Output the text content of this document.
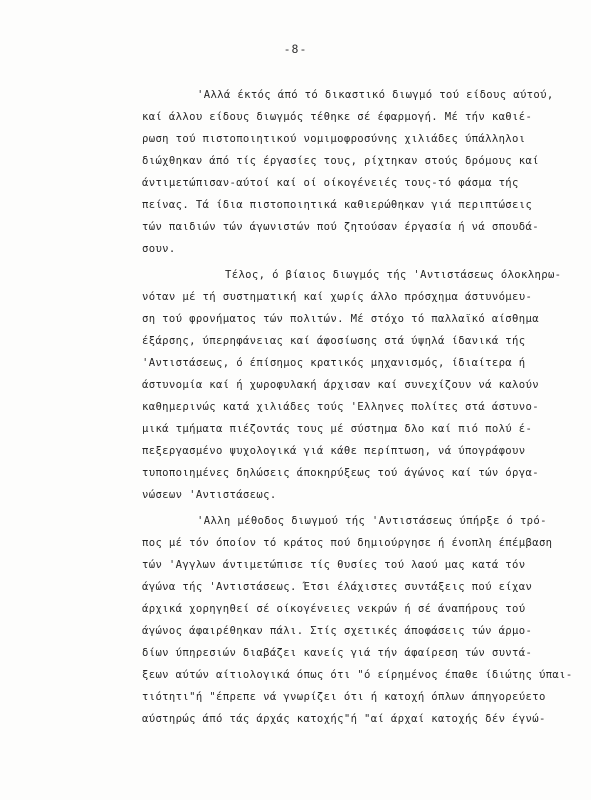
-8-
'Αλλά έκτός άπό τό δικαστικό διωγμό τού είδους αύτού,
καί άλλου είδους διωγμός τέθηκε σέ έφαρμογή. Μέ τήν καθιέ-
ρωση τού πιστοποιητικού νομιμοφροσύνης χιλιάδες ύπάλληλοι
διώχθηκαν άπό τίς έργασίες τους, ρίχτηκαν στούς δρόμους καί
άντιμετώπισαν-αύτοί καί οί οίκογένειές τους-τό φάσμα τής
πείνας. Τά ίδια πιστοποιητικά καθιερώθηκαν γιά περιπτώσεις
τών παιδιών τών άγωνιστών πού ζητούσαν έργασία ή νά σπουδά-
σουν.
Τέλος, ό βίαιος διωγμός τής 'Αντιστάσεως όλοκληρω-
νόταν μέ τή συστηματική καί χωρίς άλλο πρόσχημα άστυνόμευ-
ση τού φρονήματος τών πολιτών. Μέ στόχο τό παλλαϊκό αίσθημα
έξάρσης, ύπερηφάνειας καί άφοσίωσης στά ύψηλά ίδανικά τής
'Αντιστάσεως, ό έπίσημος κρατικός μηχανισμός, ίδιαίτερα ή
άστυνομία καί ή χωροφυλακή άρχισαν καί συνεχίζουν νά καλούν
καθημερινώς κατά χιλιάδες τούς 'Ελληνες πολίτες στά άστυνο-
μικά τμήματα πιέζοντάς τους μέ σύστημα δλο καί πιό πολύ έ-
πεξεργασμένο ψυχολογικά γιά κάθε περίπτωση, νά ύπογράφουν
τυποποιημένες δηλώσεις άποκηρύξεως τού άγώνος καί τών όργα-
νώσεων 'Αντιστάσεως.
'Αλλη μέθοδος διωγμού τής 'Αντιστάσεως ύπήρξε ό τρό-
πος μέ τόν όποίον τό κράτος πού δημιούργησε ή ένοπλη έπέμβαση
τών 'Αγγλων άντιμετώπισε τίς θυσίες τού λαού μας κατά τόν
άγώνα τής 'Αντιστάσεως. Έτσι έλάχιστες συντάξεις πού είχαν
άρχικά χορηγηθεί σέ οίκογένειες νεκρών ή σέ άναπήρους τού
άγώνος άφαιρέθηκαν πάλι. Στίς σχετικές άποφάσεις τών άρμο-
δίων ύπηρεσιών διαβάζει κανείς γιά τήν άφαίρεση τών συντά-
ξεων αύτών αίτιολογικά όπως ότι "ό είρημένος έπαθε ίδιώτης ύπαι-
τιότητι"ή "έπρεπε νά γνωρίζει ότι ή κατοχή όπλων άπηγορεύετο
αύστηρώς άπό τάς άρχάς κατοχής"ή "αί άρχαί κατοχής δέν έγνώ-
